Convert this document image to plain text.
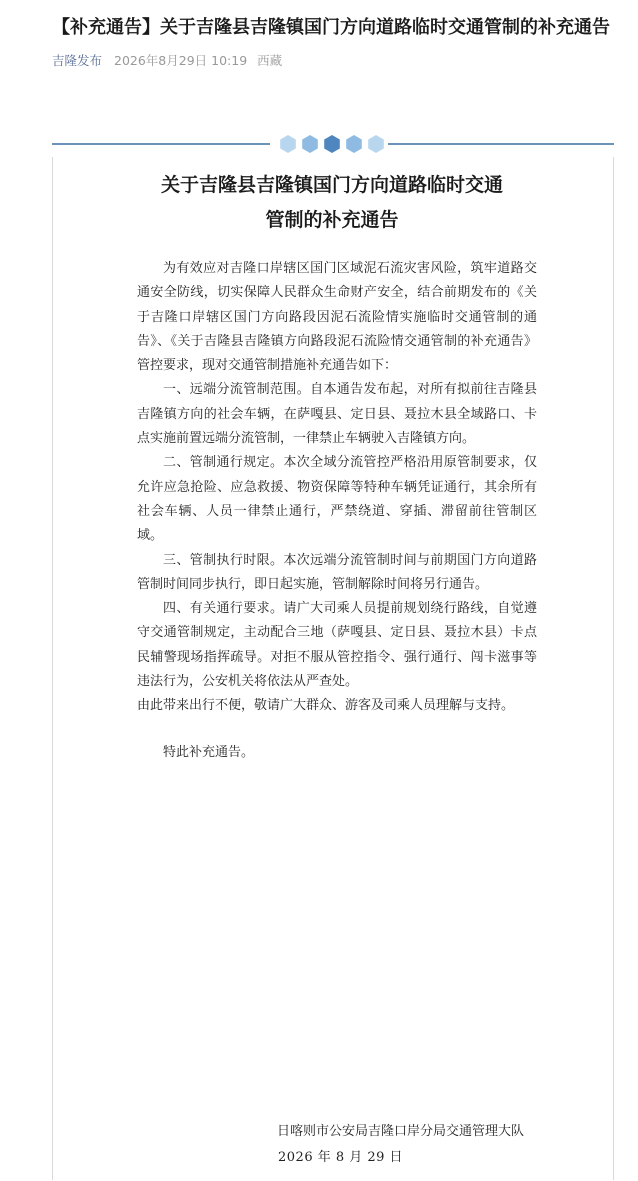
【补充通告】关于吉隆县吉隆镇国门方向道路临时交通管制的补充通告
吉隆发布 2026年8月29日 10:19 西藏
关于吉隆县吉隆镇国门方向道路临时交通
管制的补充通告

为有效应对吉隆口岸辖区国门区域泥石流灾害风险，筑牢道路交通安全防线，切实保障人民群众生命财产安全，结合前期发布的《关于吉隆口岸辖区国门方向路段因泥石流险情实施临时交通管制的通告》、《关于吉隆县吉隆镇方向路段泥石流险情交通管制的补充通告》管控要求，现对交通管制措施补充通告如下：

一、远端分流管制范围。自本通告发布起，对所有拟前往吉隆县吉隆镇方向的社会车辆，在萨嘎县、定日县、聂拉木县全域路口、卡点实施前置远端分流管制，一律禁止车辆驶入吉隆镇方向。

二、管制通行规定。本次全域分流管控严格沿用原管制要求，仅允许应急抢险、应急救援、物资保障等特种车辆凭证通行，其余所有社会车辆、人员一律禁止通行，严禁绕道、穿插、滞留前往管制区域。

三、管制执行时限。本次远端分流管制时间与前期国门方向道路管制时间同步执行，即日起实施，管制解除时间将另行通告。

四、有关通行要求。请广大司乘人员提前规划绕行路线，自觉遵守交通管制规定，主动配合三地（萨嘎县、定日县、聂拉木县）卡点民辅警现场指挥疏导。对拒不服从管控指令、强行通行、闯卡滋事等违法行为，公安机关将依法从严查处。

由此带来出行不便，敬请广大群众、游客及司乘人员理解与支持。

特此补充通告。

日喀则市公安局吉隆口岸分局交通管理大队
2026 年 8 月 29 日
